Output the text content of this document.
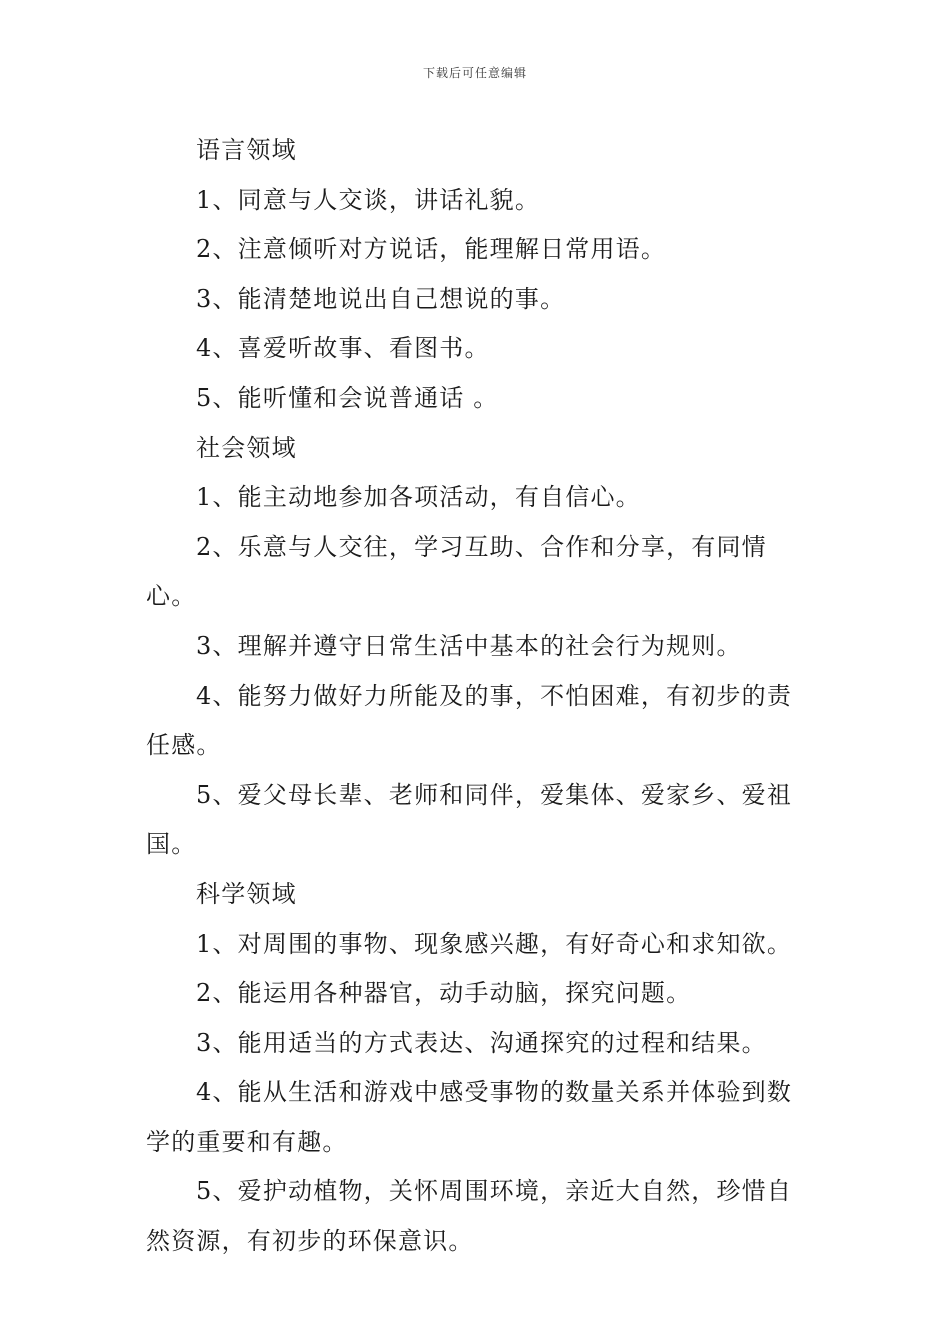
下载后可任意编辑

语言领域

1、同意与人交谈，讲话礼貌。

2、注意倾听对方说话，能理解日常用语。

3、能清楚地说出自己想说的事。

4、喜爱听故事、看图书。

5、能听懂和会说普通话 。

社会领域

1、能主动地参加各项活动，有自信心。

2、乐意与人交往，学习互助、合作和分享，有同情心。

3、理解并遵守日常生活中基本的社会行为规则。

4、能努力做好力所能及的事，不怕困难，有初步的责任感。

5、爱父母长辈、老师和同伴，爱集体、爱家乡、爱祖国。

科学领域

1、对周围的事物、现象感兴趣，有好奇心和求知欲。

2、能运用各种器官，动手动脑，探究问题。

3、能用适当的方式表达、沟通探究的过程和结果。

4、能从生活和游戏中感受事物的数量关系并体验到数学的重要和有趣。

5、爱护动植物，关怀周围环境，亲近大自然，珍惜自然资源，有初步的环保意识。
